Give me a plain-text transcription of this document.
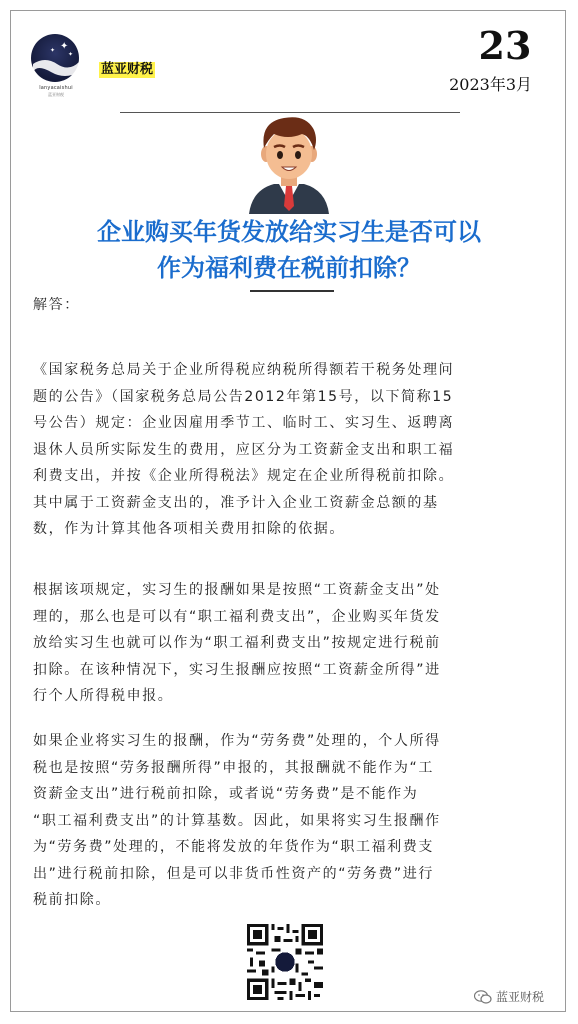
✦
✦
✦
lanyacaishui
蓝亚财税
蓝亚财税
23
2023年3月
企业购买年货发放给实习生是否可以
作为福利费在税前扣除？

解答：

《国家税务总局关于企业所得税应纳税所得额若干税务处理问
题的公告》（国家税务总局公告2012年第15号，以下简称15
号公告）规定：企业因雇用季节工、临时工、实习生、返聘离
退休人员所实际发生的费用，应区分为工资薪金支出和职工福
利费支出，并按《企业所得税法》规定在企业所得税前扣除。
其中属于工资薪金支出的，准予计入企业工资薪金总额的基
数，作为计算其他各项相关费用扣除的依据。

根据该项规定，实习生的报酬如果是按照“工资薪金支出”处
理的，那么也是可以有“职工福利费支出”，企业购买年货发
放给实习生也就可以作为“职工福利费支出”按规定进行税前
扣除。在该种情况下，实习生报酬应按照“工资薪金所得”进
行个人所得税申报。

如果企业将实习生的报酬，作为“劳务费”处理的，个人所得
税也是按照“劳务报酬所得”申报的，其报酬就不能作为“工
资薪金支出”进行税前扣除，或者说“劳务费”是不能作为
“职工福利费支出”的计算基数。因此，如果将实习生报酬作
为“劳务费”处理的，不能将发放的年货作为“职工福利费支
出”进行税前扣除，但是可以非货币性资产的“劳务费”进行
税前扣除。

蓝亚财税
